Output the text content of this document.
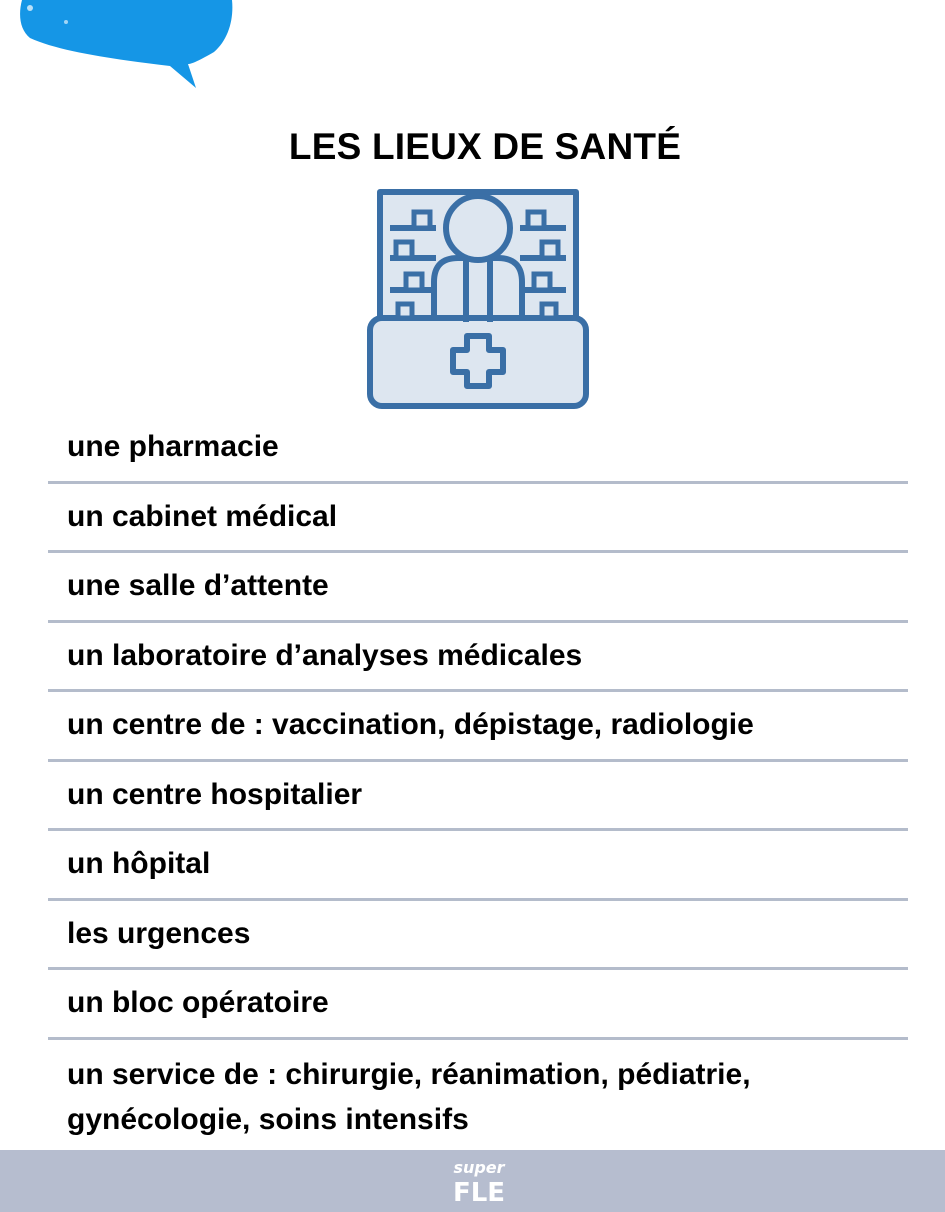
LES LIEUX DE SANTÉ
une pharmacie
un cabinet médical
une salle d’attente
un laboratoire d’analyses médicales
un centre de : vaccination, dépistage, radiologie
un centre hospitalier
un hôpital
les urgences
un bloc opératoire
un service de : chirurgie, réanimation, pédiatrie, gynécologie, soins intensifs
super
FLE
